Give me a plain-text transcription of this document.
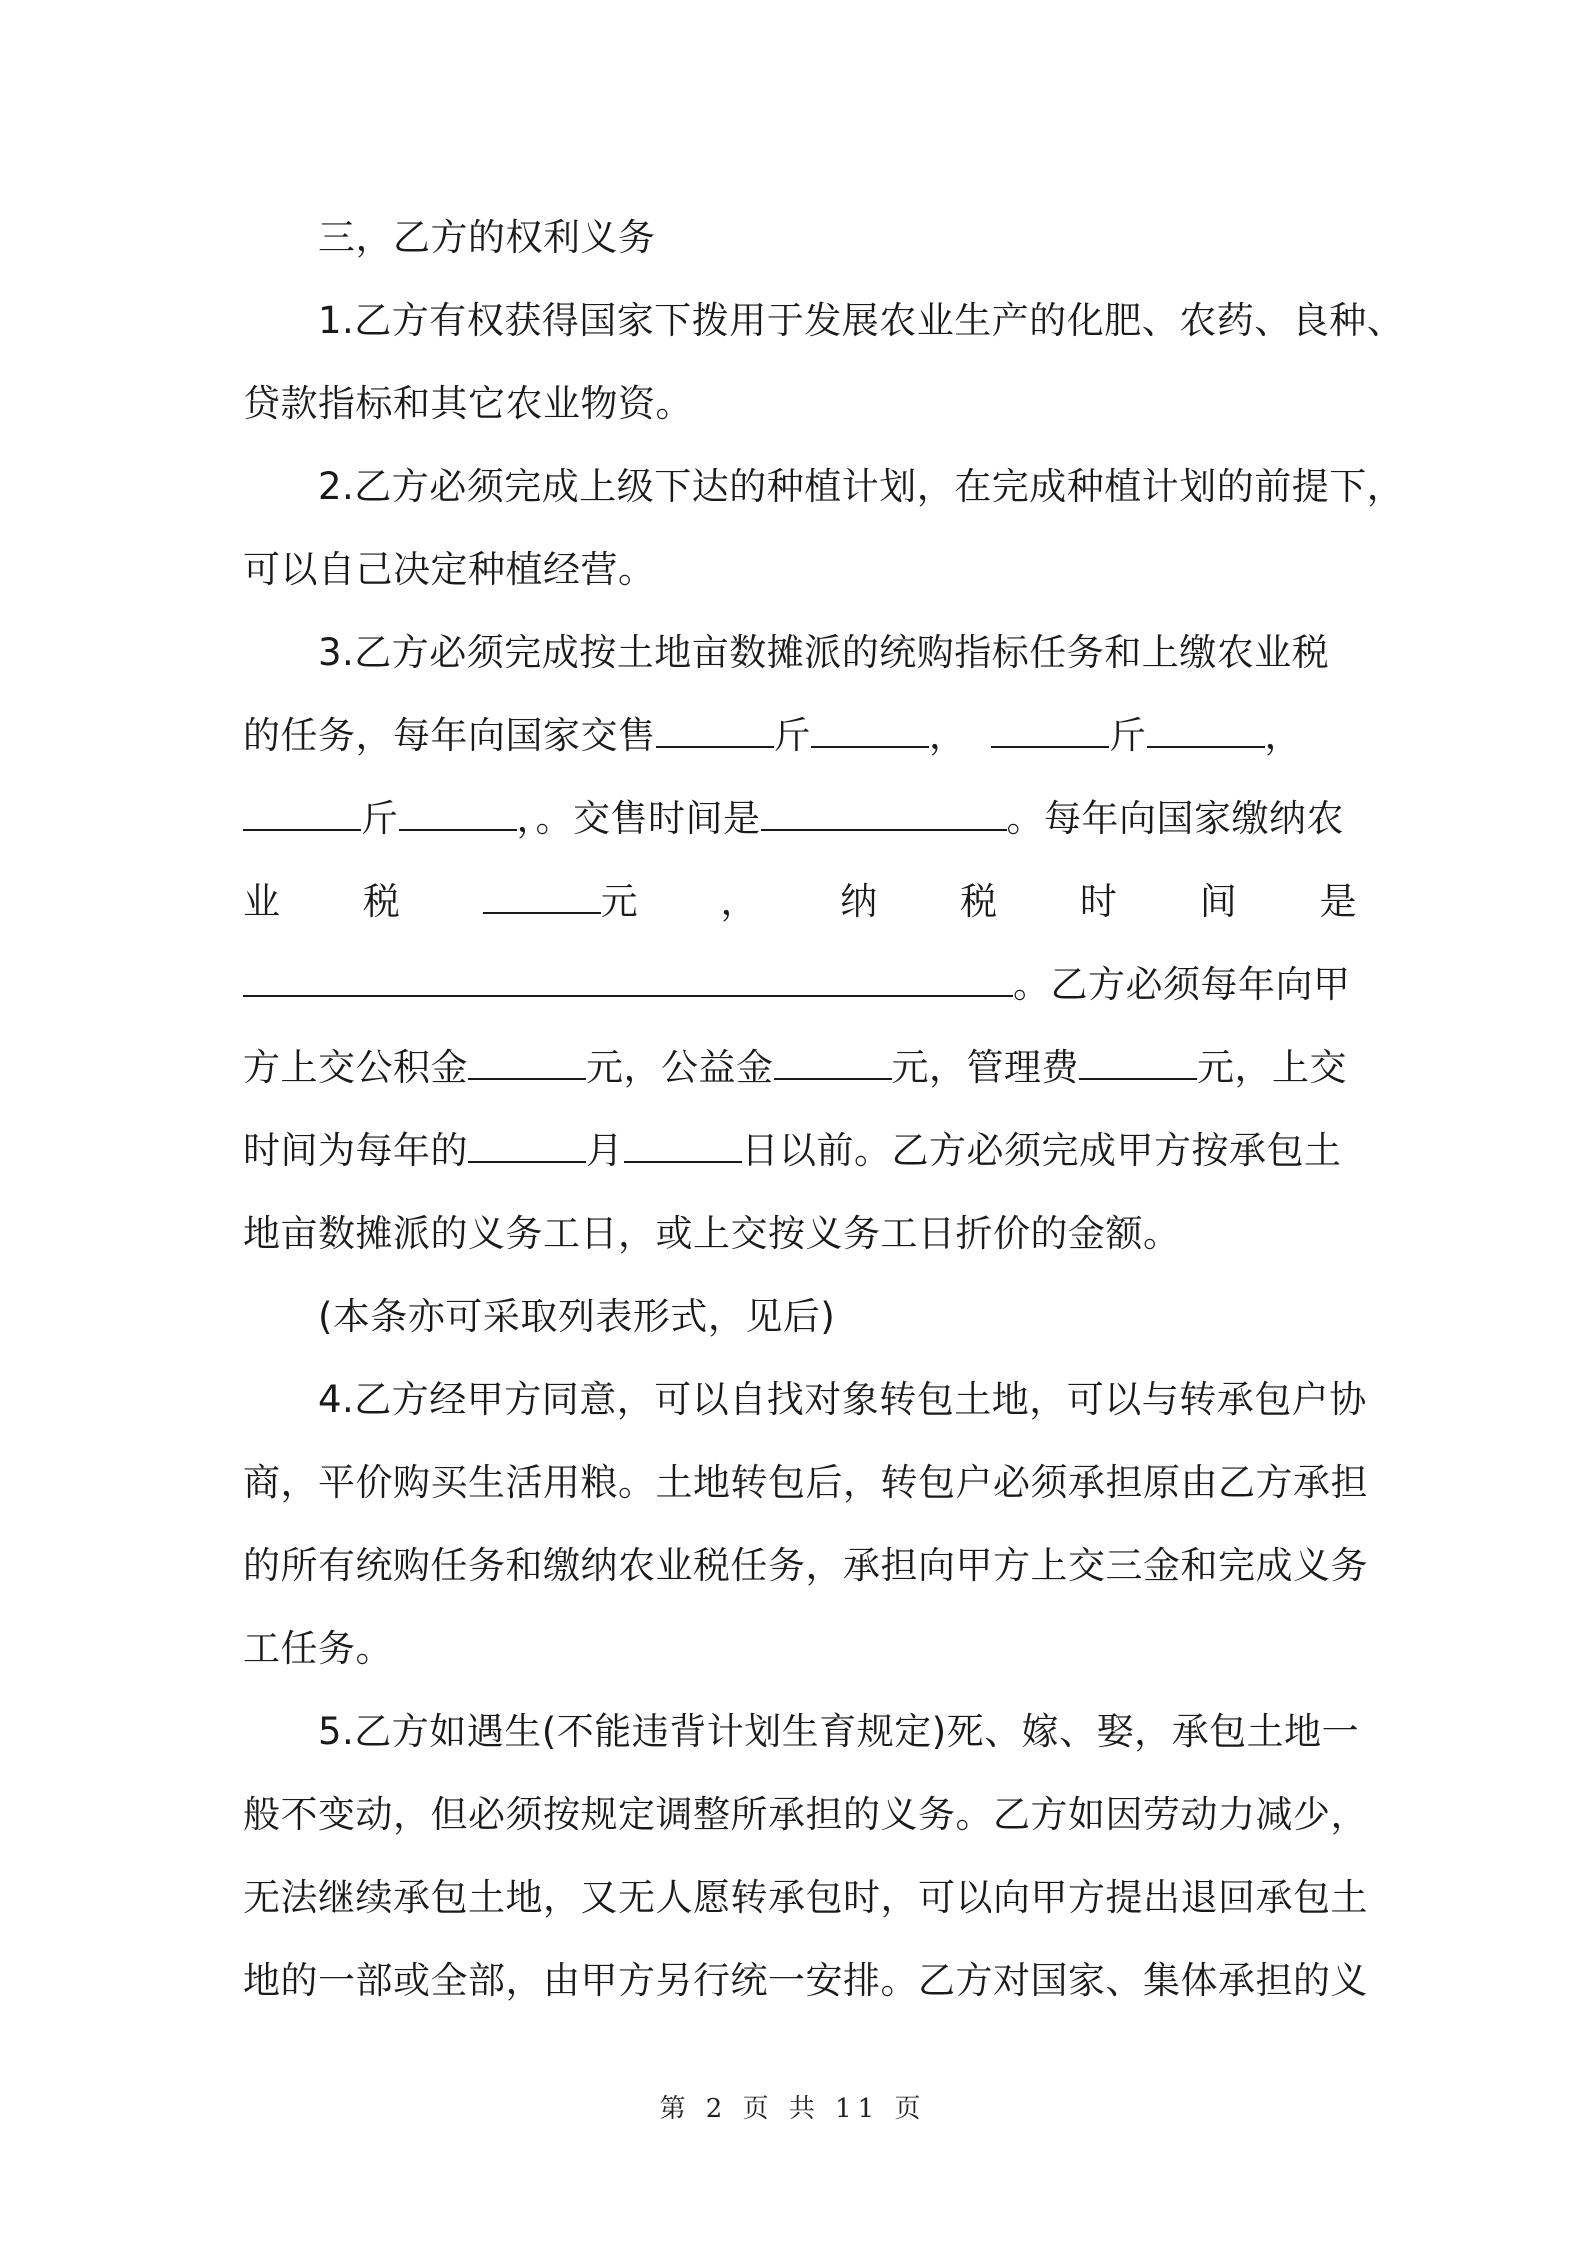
三，乙方的权利义务
1.乙方有权获得国家下拨用于发展农业生产的化肥、农药、良种、
贷款指标和其它农业物资。
2.乙方必须完成上级下达的种植计划，在完成种植计划的前提下，
可以自己决定种植经营。
3.乙方必须完成按土地亩数摊派的统购指标任务和上缴农业税
的任务，每年向国家交售	斤	，	斤	，
斤	，。交售时间是	。每年向国家缴纳农
业 税	元 ， 纳 税 时 间 是
。乙方必须每年向甲
方上交公积金	元，公益金	元，管理费	元，上交
时间为每年的	月	日以前。乙方必须完成甲方按承包土
地亩数摊派的义务工日，或上交按义务工日折价的金额。
(本条亦可采取列表形式，见后)
4.乙方经甲方同意，可以自找对象转包土地，可以与转承包户协
商，平价购买生活用粮。土地转包后，转包户必须承担原由乙方承担
的所有统购任务和缴纳农业税任务，承担向甲方上交三金和完成义务
工任务。
5.乙方如遇生(不能违背计划生育规定)死、嫁、娶，承包土地一
般不变动，但必须按规定调整所承担的义务。乙方如因劳动力减少，
无法继续承包土地，又无人愿转承包时，可以向甲方提出退回承包土
地的一部或全部，由甲方另行统一安排。乙方对国家、集体承担的义
第 2 页 共 11 页
